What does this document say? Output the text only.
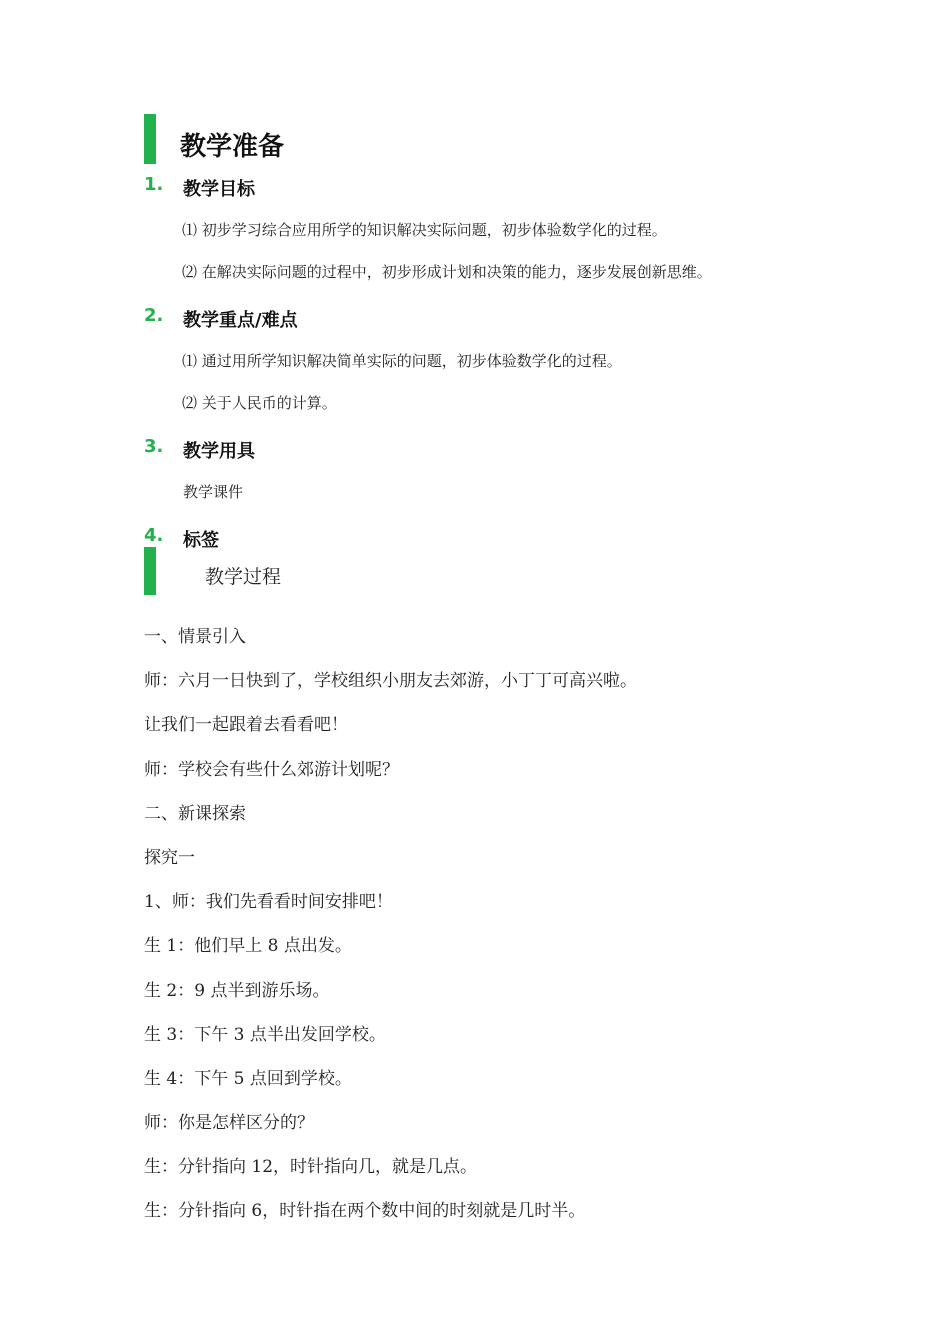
教学准备
1. 教学目标
⑴ 初步学习综合应用所学的知识解决实际问题，初步体验数学化的过程。
⑵ 在解决实际问题的过程中，初步形成计划和决策的能力，逐步发展创新思维。
2. 教学重点/难点
⑴ 通过用所学知识解决简单实际的问题，初步体验数学化的过程。
⑵ 关于人民币的计算。
3. 教学用具
教学课件
4. 标签
教学过程
一、情景引入
师：六月一日快到了，学校组织小朋友去郊游，小丁丁可高兴啦。
让我们一起跟着去看看吧！
师：学校会有些什么郊游计划呢？
二、新课探索
探究一
1、师：我们先看看时间安排吧！
生 1：他们早上 8 点出发。
生 2：9 点半到游乐场。
生 3：下午 3 点半出发回学校。
生 4：下午 5 点回到学校。
师：你是怎样区分的？
生：分针指向 12，时针指向几，就是几点。
生：分针指向 6，时针指在两个数中间的时刻就是几时半。
